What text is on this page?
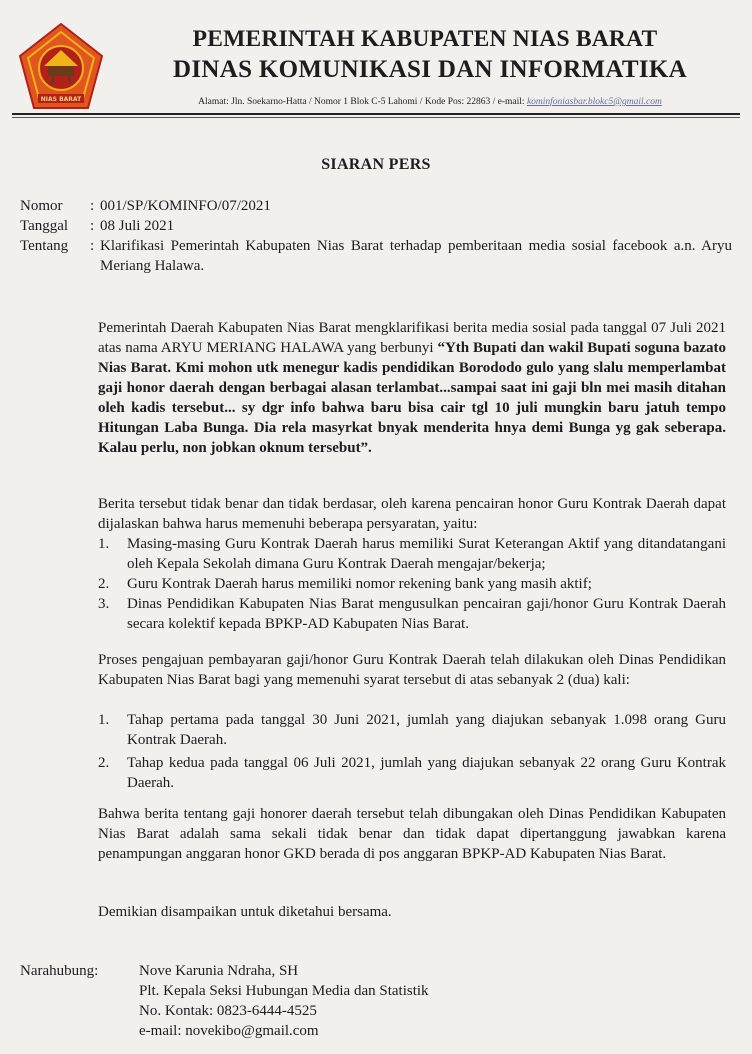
NIAS BARAT
PEMERINTAH KABUPATEN NIAS BARAT
DINAS KOMUNIKASI DAN INFORMATIKA
Alamat: Jln. Soekarno-Hatta / Nomor 1 Blok C-5 Lahomi / Kode Pos: 22863 / e-mail: kominfoniasbar.blokc5@gmail.com
SIARAN PERS
Nomor : 001/SP/KOMINFO/07/2021
Tanggal : 08 Juli 2021
Tentang : Klarifikasi Pemerintah Kabupaten Nias Barat terhadap pemberitaan media sosial facebook a.n. Aryu Meriang Halawa.

Pemerintah Daerah Kabupaten Nias Barat mengklarifikasi berita media sosial pada tanggal 07 Juli 2021 atas nama ARYU MERIANG HALAWA yang berbunyi “Yth Bupati dan wakil Bupati soguna bazato Nias Barat. Kmi mohon utk menegur kadis pendidikan Borododo gulo yang slalu memperlambat gaji honor daerah dengan berbagai alasan terlambat...sampai saat ini gaji bln mei masih ditahan oleh kadis tersebut... sy dgr info bahwa baru bisa cair tgl 10 juli mungkin baru jatuh tempo Hitungan Laba Bunga. Dia rela masyrkat bnyak menderita hnya demi Bunga yg gak seberapa. Kalau perlu, non jobkan oknum tersebut”.

Berita tersebut tidak benar dan tidak berdasar, oleh karena pencairan honor Guru Kontrak Daerah dapat dijalaskan bahwa harus memenuhi beberapa persyaratan, yaitu:

1. Masing-masing Guru Kontrak Daerah harus memiliki Surat Keterangan Aktif yang ditandatangani oleh Kepala Sekolah dimana Guru Kontrak Daerah mengajar/bekerja;
2. Guru Kontrak Daerah harus memiliki nomor rekening bank yang masih aktif;
3. Dinas Pendidikan Kabupaten Nias Barat mengusulkan pencairan gaji/honor Guru Kontrak Daerah secara kolektif kepada BPKP-AD Kabupaten Nias Barat.

Proses pengajuan pembayaran gaji/honor Guru Kontrak Daerah telah dilakukan oleh Dinas Pendidikan Kabupaten Nias Barat bagi yang memenuhi syarat tersebut di atas sebanyak 2 (dua) kali:

1. Tahap pertama pada tanggal 30 Juni 2021, jumlah yang diajukan sebanyak 1.098 orang Guru Kontrak Daerah.
2. Tahap kedua pada tanggal 06 Juli 2021, jumlah yang diajukan sebanyak 22 orang Guru Kontrak Daerah.

Bahwa berita tentang gaji honorer daerah tersebut telah dibungakan oleh Dinas Pendidikan Kabupaten Nias Barat adalah sama sekali tidak benar dan tidak dapat dipertanggung jawabkan karena penampungan anggaran honor GKD berada di pos anggaran BPKP-AD Kabupaten Nias Barat.

Demikian disampaikan untuk diketahui bersama.

Narahubung:	Nove Karunia Ndraha, SH
Plt. Kepala Seksi Hubungan Media dan Statistik
No. Kontak: 0823-6444-4525
e-mail: novekibo@gmail.com
